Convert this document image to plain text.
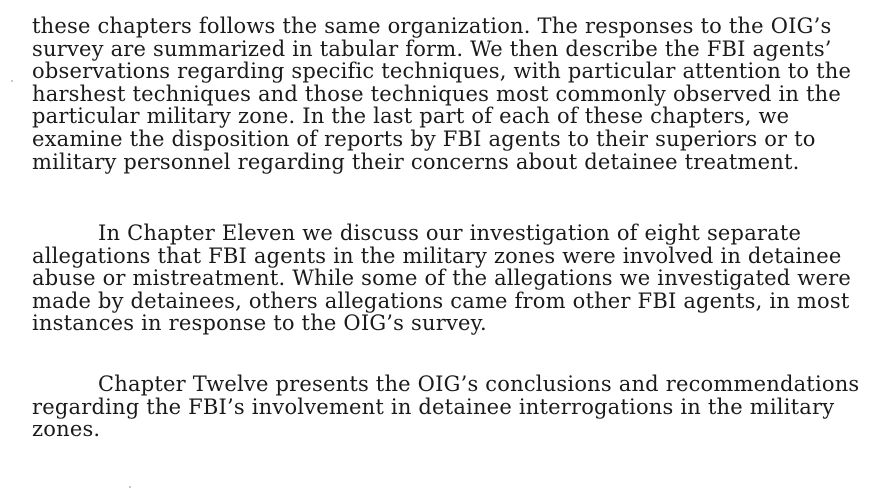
these chapters follows the same organization. The responses to the OIG’s
survey are summarized in tabular form. We then describe the FBI agents’
observations regarding specific techniques, with particular attention to the
harshest techniques and those techniques most commonly observed in the
particular military zone. In the last part of each of these chapters, we
examine the disposition of reports by FBI agents to their superiors or to
military personnel regarding their concerns about detainee treatment.

In Chapter Eleven we discuss our investigation of eight separate
allegations that FBI agents in the military zones were involved in detainee
abuse or mistreatment. While some of the allegations we investigated were
made by detainees, others allegations came from other FBI agents, in most
instances in response to the OIG’s survey.

Chapter Twelve presents the OIG’s conclusions and recommendations
regarding the FBI’s involvement in detainee interrogations in the military
zones.
